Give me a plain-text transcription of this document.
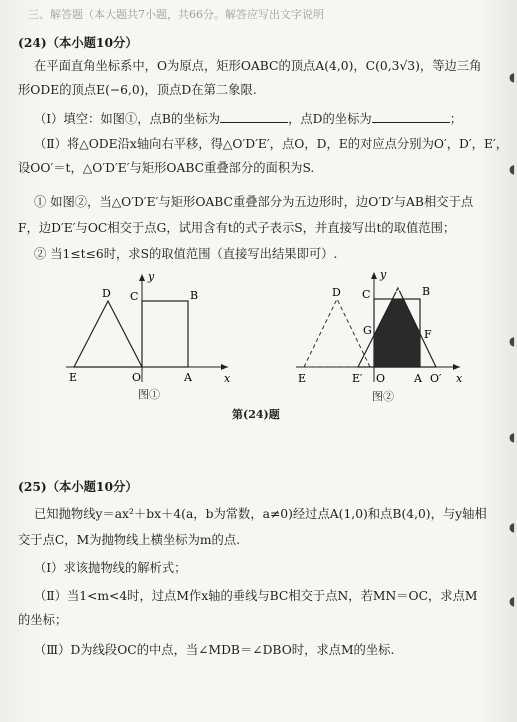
三、解答题（本大题共7小题，共66分。解答应写出文字说明
(24)（本小题10分）
在平面直角坐标系中，O为原点，矩形OABC的顶点A(4,0)，C(0,3√3)，等边三角
形ODE的顶点E(−6,0)，顶点D在第二象限.
（Ⅰ）填空：如图①，点B的坐标为	，点D的坐标为	；
（Ⅱ）将△ODE沿x轴向右平移，得△O′D′E′，点O，D，E的对应点分别为O′，D′，E′，
设OO′＝t，△O′D′E′与矩形OABC重叠部分的面积为S.
① 如图②，当△O′D′E′与矩形OABC重叠部分为五边形时，边O′D′与AB相交于点
F，边D′E′与OC相交于点G，试用含有t的式子表示S，并直接写出t的取值范围；
② 当1≤t≤6时，求S的取值范围（直接写出结果即可）.
y
x
D C	B
E	O	A
图①
y
x
D C D′ B
G	F
E	E′ O	A O′
图②
第(24)题
(25)（本小题10分）
已知抛物线y＝ax²＋bx＋4(a，b为常数，a≠0)经过点A(1,0)和点B(4,0)，与y轴相
交于点C，M为抛物线上横坐标为m的点.
（Ⅰ）求该抛物线的解析式；
（Ⅱ）当1<m<4时，过点M作x轴的垂线与BC相交于点N，若MN＝OC，求点M
的坐标；
（Ⅲ）D为线段OC的中点，当∠MDB＝∠DBO时，求点M的坐标.
◖
◖
◖
◖
◖
◖
